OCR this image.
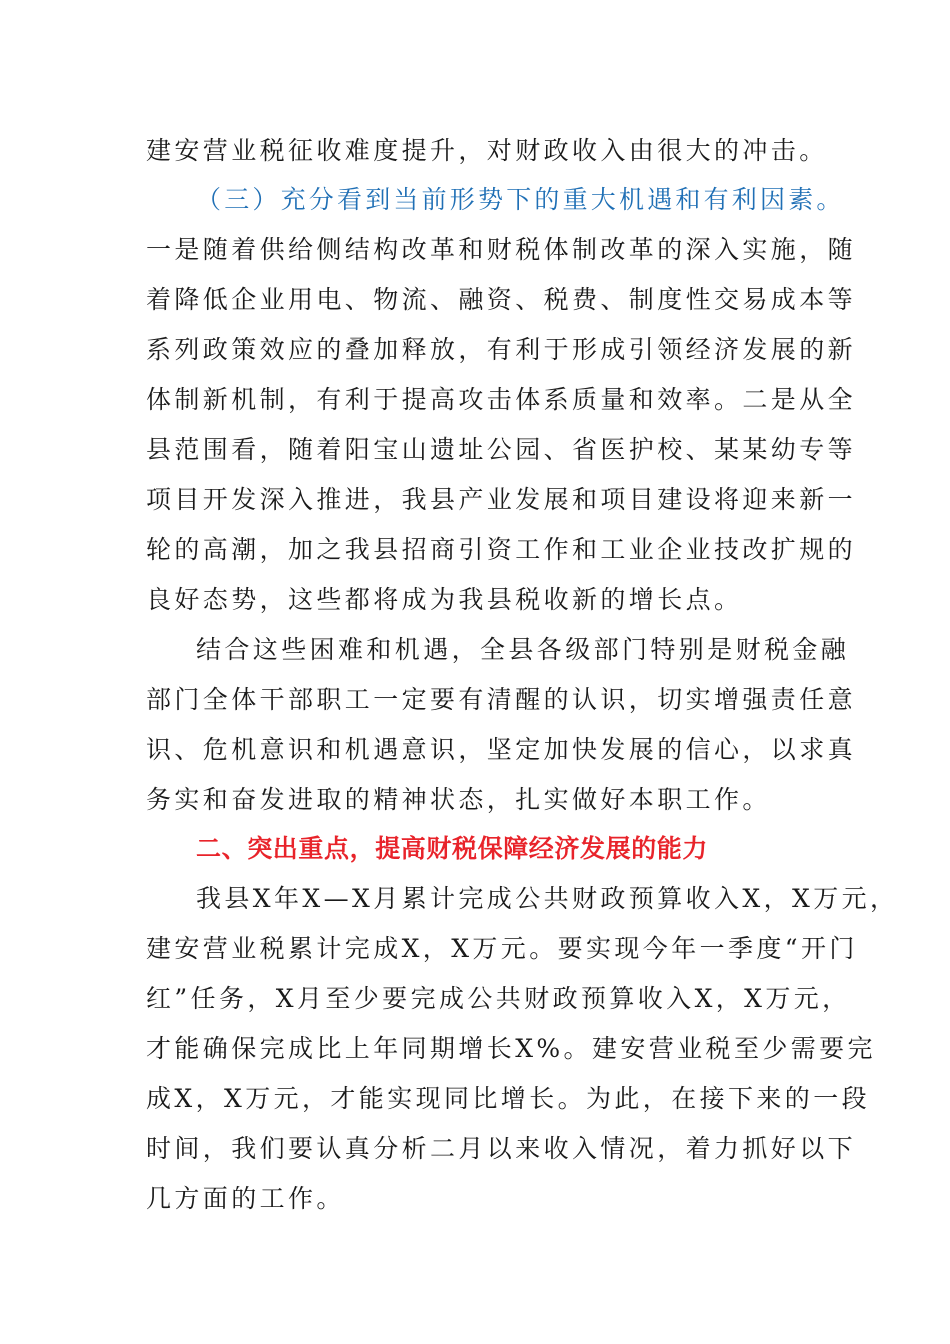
建安营业税征收难度提升，对财政收入由很大的冲击。
（三）充分看到当前形势下的重大机遇和有利因素。
一是随着供给侧结构改革和财税体制改革的深入实施，随
着降低企业用电、物流、融资、税费、制度性交易成本等
系列政策效应的叠加释放，有利于形成引领经济发展的新
体制新机制，有利于提高攻击体系质量和效率。二是从全
县范围看，随着阳宝山遗址公园、省医护校、某某幼专等
项目开发深入推进，我县产业发展和项目建设将迎来新一
轮的高潮，加之我县招商引资工作和工业企业技改扩规的
良好态势，这些都将成为我县税收新的增长点。
结合这些困难和机遇，全县各级部门特别是财税金融
部门全体干部职工一定要有清醒的认识，切实增强责任意
识、危机意识和机遇意识，坚定加快发展的信心，以求真
务实和奋发进取的精神状态，扎实做好本职工作。
二、突出重点，提高财税保障经济发展的能力
我县X年X—X月累计完成公共财政预算收入X，X万元，
建安营业税累计完成X，X万元。要实现今年一季度“开门
红”任务，X月至少要完成公共财政预算收入X，X万元，
才能确保完成比上年同期增长X%。建安营业税至少需要完
成X，X万元，才能实现同比增长。为此，在接下来的一段
时间，我们要认真分析二月以来收入情况，着力抓好以下
几方面的工作。
